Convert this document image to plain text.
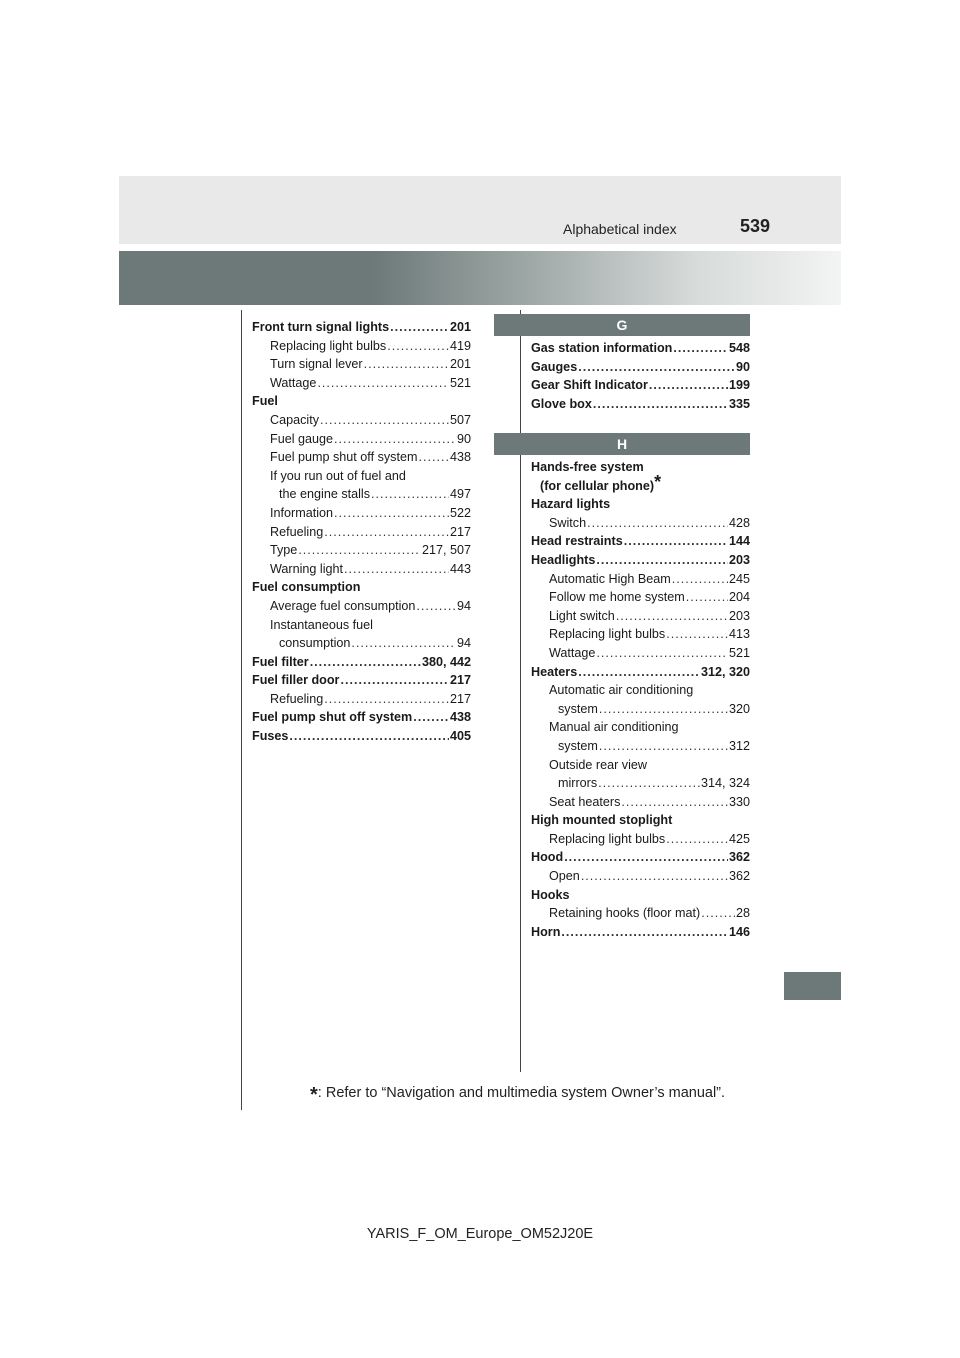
Alphabetical index	539
Front turn signal lights .....	201
Replacing light bulbs .....	419
Turn signal lever .....	201
Wattage .....	521
Fuel
Capacity .....	507
Fuel gauge .....	90
Fuel pump shut off system .....	438
If you run out of fuel and
the engine stalls .....	497
Information .....	522
Refueling .....	217
Type .....	217, 507
Warning light .....	443
Fuel consumption
Average fuel consumption .....	94
Instantaneous fuel
consumption .....	94
Fuel filter .....	380, 442
Fuel filler door .....	217
Refueling .....	217
Fuel pump shut off system .....	438
Fuses .....	405
G
Gas station information .....	548
Gauges .....	90
Gear Shift Indicator .....	199
Glove box .....	335
H
Hands-free system
(for cellular phone)*
Hazard lights
Switch .....	428
Head restraints .....	144
Headlights .....	203
Automatic High Beam .....	245
Follow me home system .....	204
Light switch .....	203
Replacing light bulbs .....	413
Wattage .....	521
Heaters .....	312, 320
Automatic air conditioning
system .....	320
Manual air conditioning
system .....	312
Outside rear view
mirrors .....	314, 324
Seat heaters .....	330
High mounted stoplight
Replacing light bulbs .....	425
Hood .....	362
Open .....	362
Hooks
Retaining hooks (floor mat) .....	28
Horn .....	146
*: Refer to “Navigation and multimedia system Owner’s manual”.
YARIS_F_OM_Europe_OM52J20E
